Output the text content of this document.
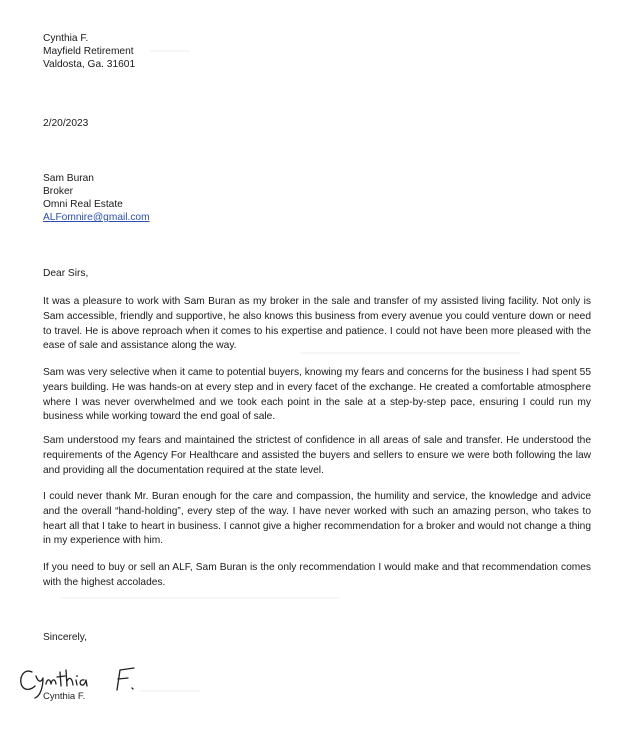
Cynthia F.
Mayfield Retirement
Valdosta, Ga. 31601
2/20/2023
Sam Buran
Broker
Omni Real Estate
ALFomnire@gmail.com
Dear Sirs,
It was a pleasure to work with Sam Buran as my broker in the sale and transfer of my assisted living facility. Not only is Sam accessible, friendly and supportive, he also knows this business from every avenue you could venture down or need to travel. He is above reproach when it comes to his expertise and patience. I could not have been more pleased with the ease of sale and assistance along the way.
Sam was very selective when it came to potential buyers, knowing my fears and concerns for the business I had spent 55 years building. He was hands-on at every step and in every facet of the exchange. He created a comfortable atmosphere where I was never overwhelmed and we took each point in the sale at a step-by-step pace, ensuring I could run my business while working toward the end goal of sale.
Sam understood my fears and maintained the strictest of confidence in all areas of sale and transfer. He understood the requirements of the Agency For Healthcare and assisted the buyers and sellers to ensure we were both following the law and providing all the documentation required at the state level.
I could never thank Mr. Buran enough for the care and compassion, the humility and service, the knowledge and advice and the overall “hand-holding”, every step of the way. I have never worked with such an amazing person, who takes to heart all that I take to heart in business. I cannot give a higher recommendation for a broker and would not change a thing in my experience with him.
If you need to buy or sell an ALF, Sam Buran is the only recommendation I would make and that recommendation comes with the highest accolades.
Sincerely,
Cynthia F.
